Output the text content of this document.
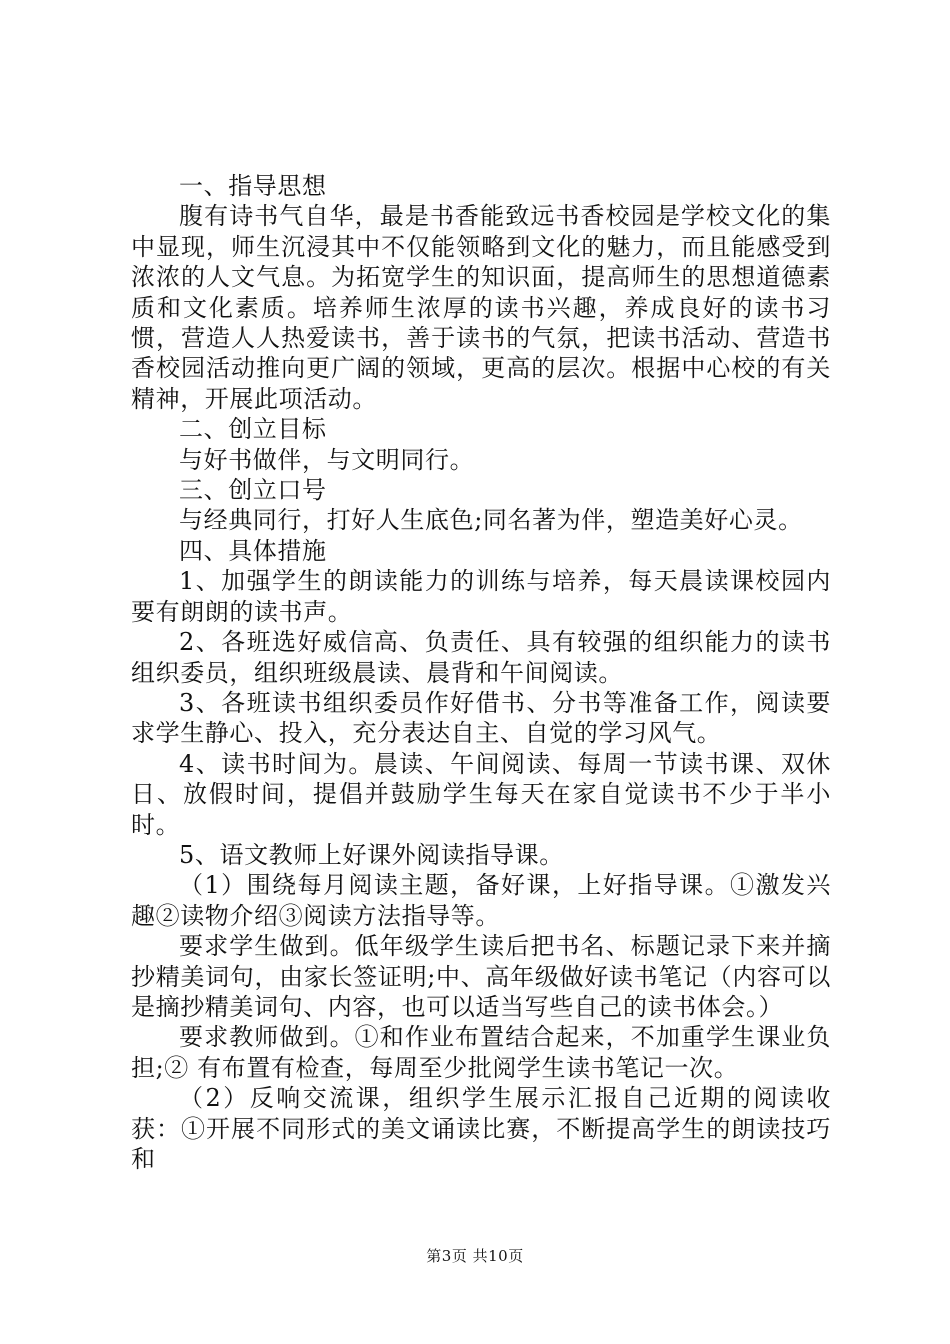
一、指导思想

腹有诗书气自华，最是书香能致远书香校园是学校文化的集中显现，师生沉浸其中不仅能领略到文化的魅力，而且能感受到浓浓的人文气息。为拓宽学生的知识面，提高师生的思想道德素质和文化素质。培养师生浓厚的读书兴趣，养成良好的读书习惯，营造人人热爱读书，善于读书的气氛，把读书活动、营造书香校园活动推向更广阔的领域，更高的层次。根据中心校的有关精神，开展此项活动。

二、创立目标

与好书做伴，与文明同行。

三、创立口号

与经典同行，打好人生底色;同名著为伴，塑造美好心灵。

四、具体措施

1、加强学生的朗读能力的训练与培养，每天晨读课校园内要有朗朗的读书声。

2、各班选好威信高、负责任、具有较强的组织能力的读书组织委员，组织班级晨读、晨背和午间阅读。

3、各班读书组织委员作好借书、分书等准备工作，阅读要求学生静心、投入，充分表达自主、自觉的学习风气。

4、读书时间为。晨读、午间阅读、每周一节读书课、双休日、放假时间，提倡并鼓励学生每天在家自觉读书不少于半小时。

5、语文教师上好课外阅读指导课。

（1）围绕每月阅读主题，备好课，上好指导课。①激发兴趣②读物介绍③阅读方法指导等。

要求学生做到。低年级学生读后把书名、标题记录下来并摘抄精美词句，由家长签证明;中、高年级做好读书笔记（内容可以是摘抄精美词句、内容，也可以适当写些自己的读书体会。）

要求教师做到。①和作业布置结合起来，不加重学生课业负担;② 有布置有检查，每周至少批阅学生读书笔记一次。

（2）反响交流课，组织学生展示汇报自己近期的阅读收获：①开展不同形式的美文诵读比赛，不断提高学生的朗读技巧和

第3页 共10页
